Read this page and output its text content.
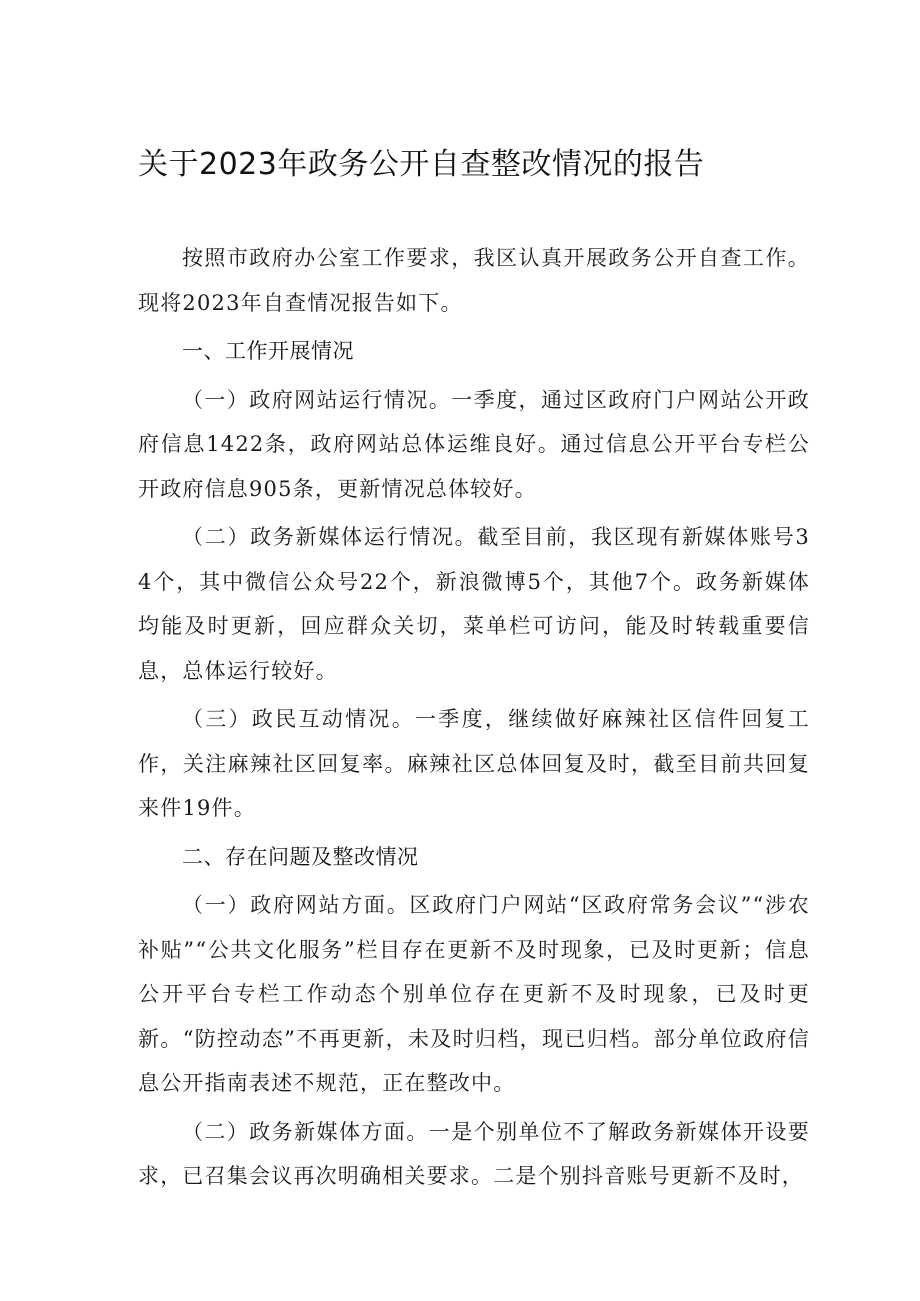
关于2023年政务公开自查整改情况的报告

按照市政府办公室工作要求，我区认真开展政务公开自查工作。现将2023年自查情况报告如下。

一、工作开展情况

（一）政府网站运行情况。一季度，通过区政府门户网站公开政府信息1422条，政府网站总体运维良好。通过信息公开平台专栏公开政府信息905条，更新情况总体较好。

（二）政务新媒体运行情况。截至目前，我区现有新媒体账号34个，其中微信公众号22个，新浪微博5个，其他7个。政务新媒体均能及时更新，回应群众关切，菜单栏可访问，能及时转载重要信息，总体运行较好。

（三）政民互动情况。一季度，继续做好麻辣社区信件回复工作，关注麻辣社区回复率。麻辣社区总体回复及时，截至目前共回复来件19件。

二、存在问题及整改情况

（一）政府网站方面。区政府门户网站“区政府常务会议”“涉农补贴”“公共文化服务”栏目存在更新不及时现象，已及时更新；信息公开平台专栏工作动态个别单位存在更新不及时现象，已及时更新。“防控动态”不再更新，未及时归档，现已归档。部分单位政府信息公开指南表述不规范，正在整改中。

（二）政务新媒体方面。一是个别单位不了解政务新媒体开设要求，已召集会议再次明确相关要求。二是个别抖音账号更新不及时，
